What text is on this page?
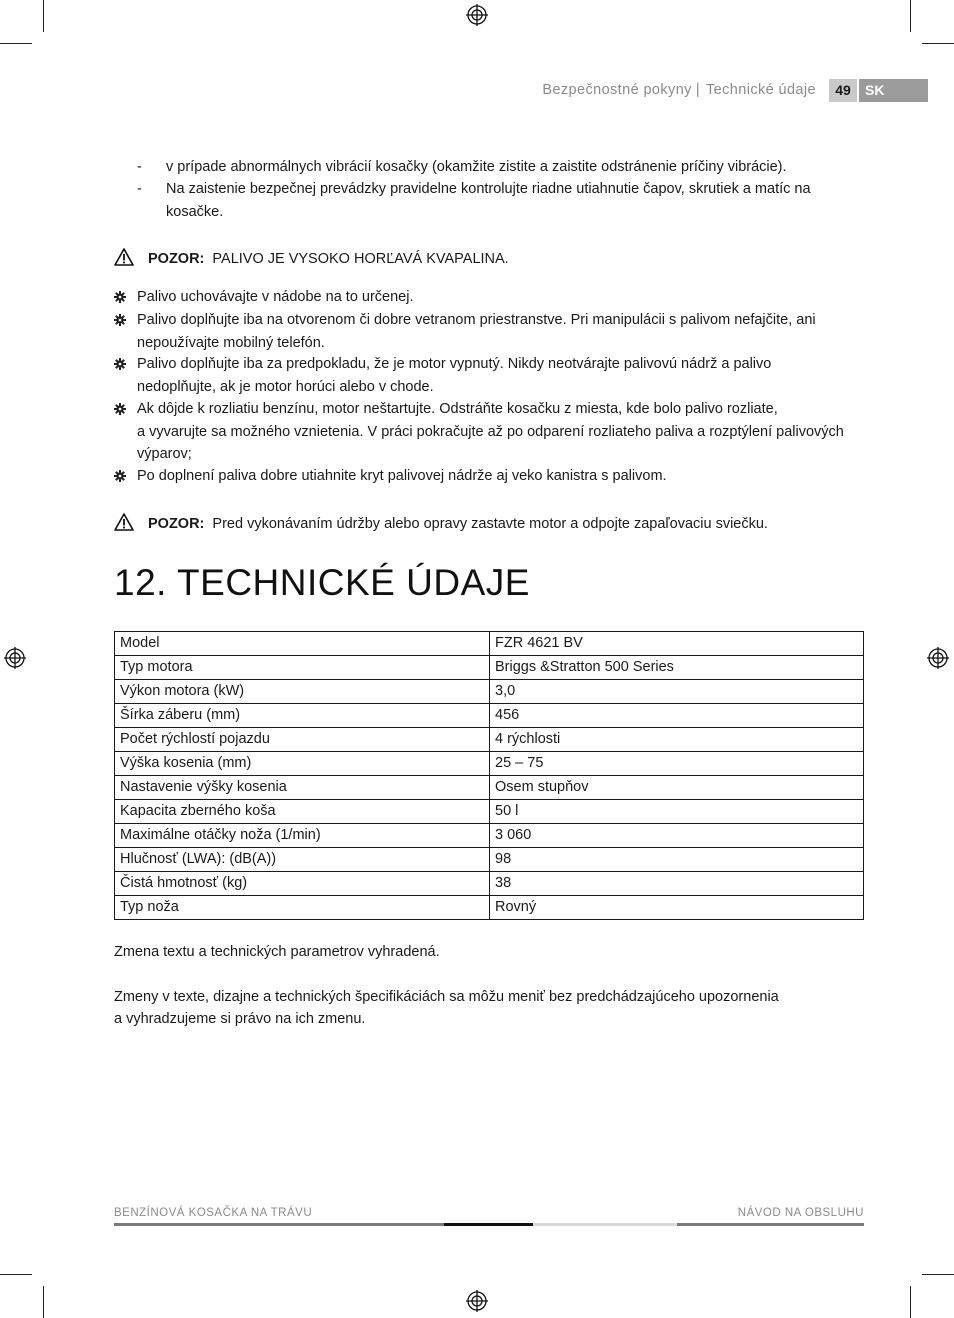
Bezpečnostné pokyny | Technické údaje	49	SK
- v prípade abnormálnych vibrácií kosačky (okamžite zistite a zaistite odstránenie príčiny vibrácie).
- Na zaistenie bezpečnej prevádzky pravidelne kontrolujte riadne utiahnutie čapov, skrutiek a matíc na kosačke.
POZOR: PALIVO JE VYSOKO HORĽAVÁ KVAPALINA.
Palivo uchovávajte v nádobe na to určenej.
Palivo doplňujte iba na otvorenom či dobre vetranom priestranstve. Pri manipulácii s palivom nefajčite, ani nepoužívajte mobilný telefón.
Palivo doplňujte iba za predpokladu, že je motor vypnutý. Nikdy neotvárajte palivovú nádrž a palivo nedoplňujte, ak je motor horúci alebo v chode.
Ak dôjde k rozliatiu benzínu, motor neštartujte. Odstráňte kosačku z miesta, kde bolo palivo rozliate,
a vyvarujte sa možného vznietenia. V práci pokračujte až po odparení rozliateho paliva a rozptýlení palivových výparov;
Po doplnení paliva dobre utiahnite kryt palivovej nádrže aj veko kanistra s palivom.
POZOR: Pred vykonávaním údržby alebo opravy zastavte motor a odpojte zapaľovaciu sviečku.
12. TECHNICKÉ ÚDAJE
Model	FZR 4621 BV
Typ motora	Briggs &Stratton 500 Series
Výkon motora (kW)	3,0
Šírka záberu (mm)	456
Počet rýchlostí pojazdu	4 rýchlosti
Výška kosenia (mm)	25 – 75
Nastavenie výšky kosenia	Osem stupňov
Kapacita zberného koša	50 l
Maximálne otáčky noža (1/min)	3 060
Hlučnosť (LWA): (dB(A))	98
Čistá hmotnosť (kg)	38
Typ noža	Rovný
Zmena textu a technických parametrov vyhradená.
Zmeny v texte, dizajne a technických špecifikáciách sa môžu meniť bez predchádzajúceho upozornenia
a vyhradzujeme si právo na ich zmenu.
BENZÍNOVÁ KOSAČKA NA TRÁVU	NÁVOD NA OBSLUHU
